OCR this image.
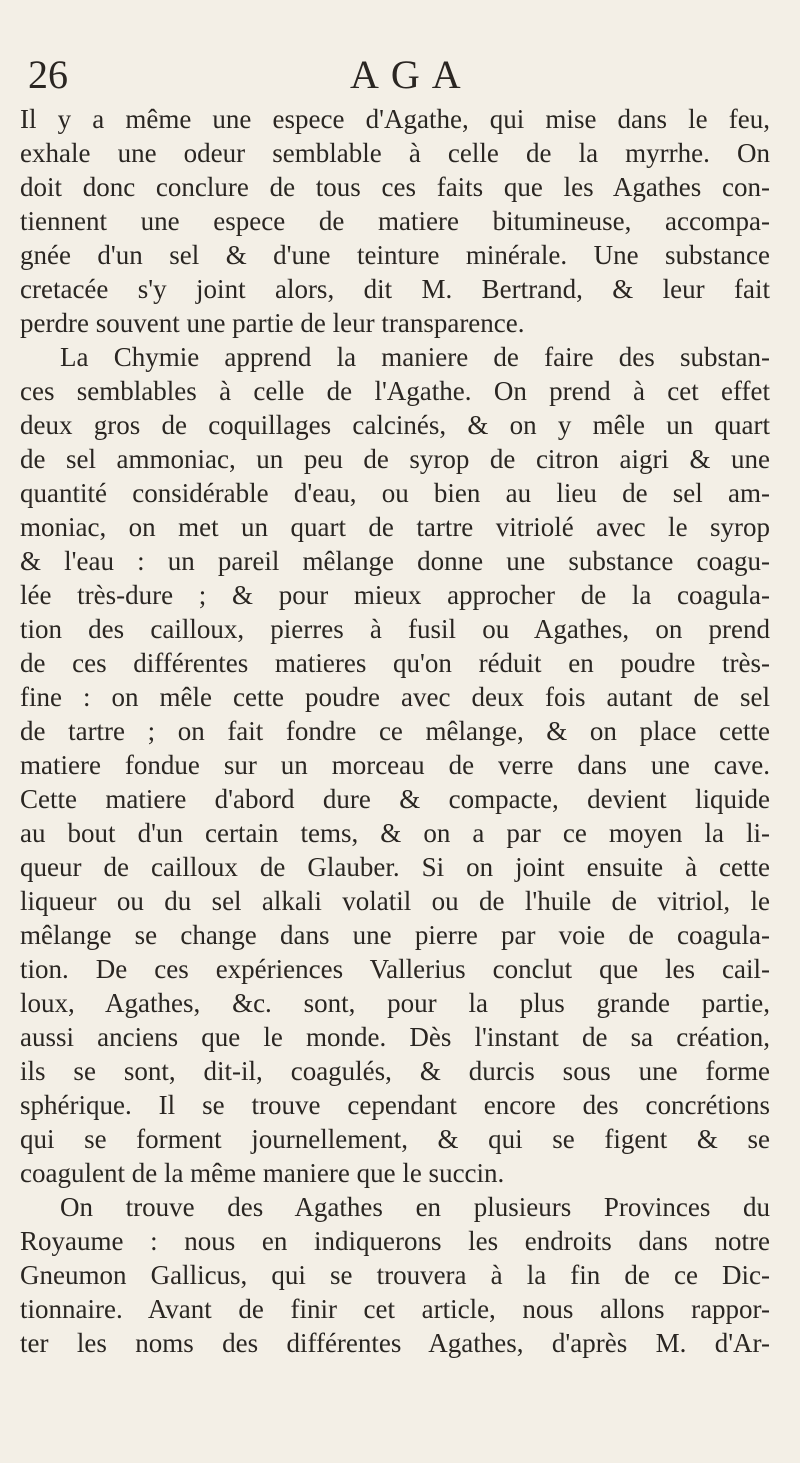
26	AGA
Il y a même une espece d'Agathe, qui mise dans le feu,
exhale une odeur semblable à celle de la myrrhe. On
doit donc conclure de tous ces faits que les Agathes con-
tiennent une espece de matiere bitumineuse, accompa-
gnée d'un sel & d'une teinture minérale. Une substance
cretacée s'y joint alors, dit M. Bertrand, & leur fait
perdre souvent une partie de leur transparence.
La Chymie apprend la maniere de faire des substan-
ces semblables à celle de l'Agathe. On prend à cet effet
deux gros de coquillages calcinés, & on y mêle un quart
de sel ammoniac, un peu de syrop de citron aigri & une
quantité considérable d'eau, ou bien au lieu de sel am-
moniac, on met un quart de tartre vitriolé avec le syrop
& l'eau : un pareil mêlange donne une substance coagu-
lée très-dure ; & pour mieux approcher de la coagula-
tion des cailloux, pierres à fusil ou Agathes, on prend
de ces différentes matieres qu'on réduit en poudre très-
fine : on mêle cette poudre avec deux fois autant de sel
de tartre ; on fait fondre ce mêlange, & on place cette
matiere fondue sur un morceau de verre dans une cave.
Cette matiere d'abord dure & compacte, devient liquide
au bout d'un certain tems, & on a par ce moyen la li-
queur de cailloux de Glauber. Si on joint ensuite à cette
liqueur ou du sel alkali volatil ou de l'huile de vitriol, le
mêlange se change dans une pierre par voie de coagula-
tion. De ces expériences Vallerius conclut que les cail-
loux, Agathes, &c. sont, pour la plus grande partie,
aussi anciens que le monde. Dès l'instant de sa création,
ils se sont, dit-il, coagulés, & durcis sous une forme
sphérique. Il se trouve cependant encore des concrétions
qui se forment journellement, & qui se figent & se
coagulent de la même maniere que le succin.
On trouve des Agathes en plusieurs Provinces du
Royaume : nous en indiquerons les endroits dans notre
Gneumon Gallicus, qui se trouvera à la fin de ce Dic-
tionnaire. Avant de finir cet article, nous allons rappor-
ter les noms des différentes Agathes, d'après M. d'Ar-
